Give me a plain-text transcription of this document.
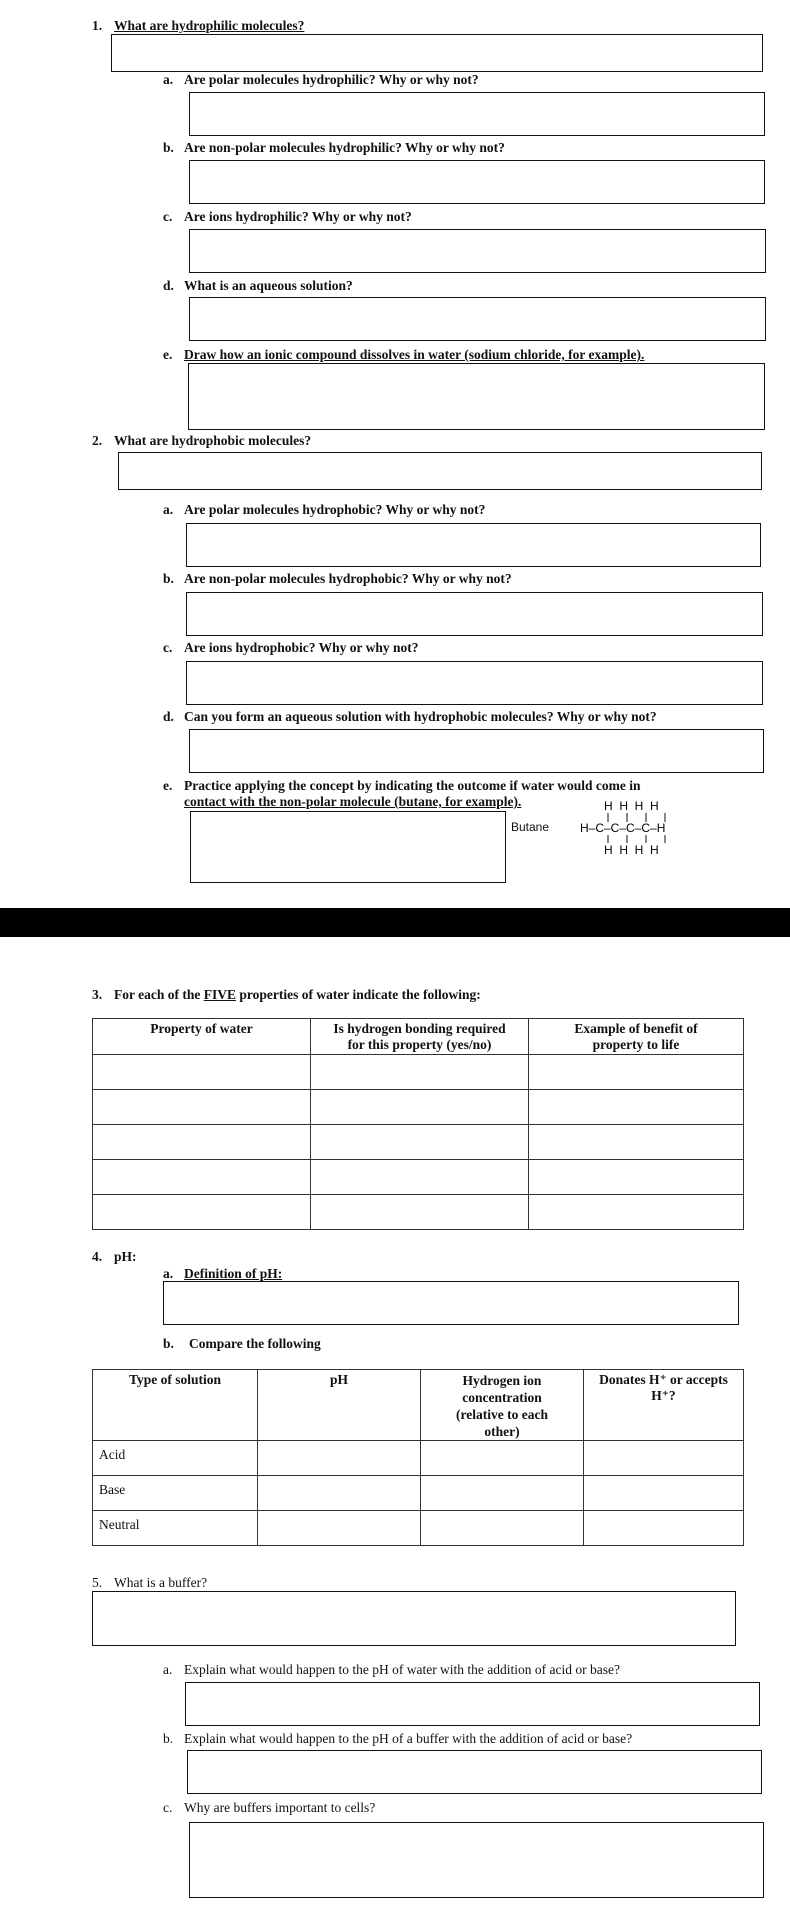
1. What are hydrophilic molecules?
a. Are polar molecules hydrophilic? Why or why not?
b. Are non-polar molecules hydrophilic? Why or why not?
c. Are ions hydrophilic? Why or why not?
d. What is an aqueous solution?
e. Draw how an ionic compound dissolves in water (sodium chloride, for example).
2. What are hydrophobic molecules?
a. Are polar molecules hydrophobic? Why or why not?
b. Are non-polar molecules hydrophobic? Why or why not?
c. Are ions hydrophobic? Why or why not?
d. Can you form an aqueous solution with hydrophobic molecules? Why or why not?
e. Practice applying the concept by indicating the outcome if water would come in
contact with the non-polar molecule (butane, for example).
Butane
H  H  H  H
H–C–C–C–C–H
H  H  H  H
3. For each of the FIVE properties of water indicate the following:
Property of water	Is hydrogen bonding required
for this property (yes/no)	Example of benefit of
property to life

4. pH:
a. Definition of pH:
b. Compare the following
Type of solution	pH	Hydrogen ion
concentration
(relative to each
other)	Donates H⁺ or accepts
H⁺?
Acid			
Base			
Neutral			
5. What is a buffer?
a. Explain what would happen to the pH of water with the addition of acid or base?
b. Explain what would happen to the pH of a buffer with the addition of acid or base?
c. Why are buffers important to cells?
